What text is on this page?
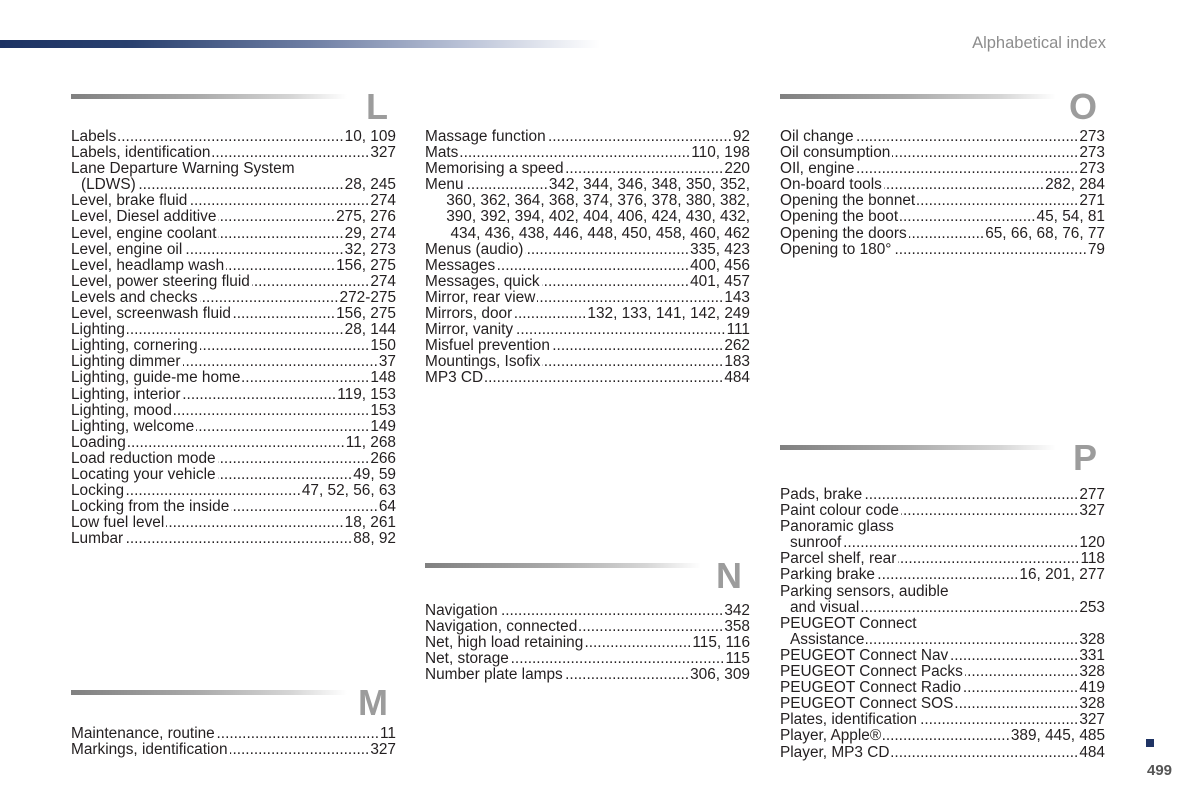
Alphabetical index
L
Labels .....	10, 109
Labels, identification .....	327
Lane Departure Warning System
(LDWS) .....	28, 245
Level, brake fluid .....	274
Level, Diesel additive .....	275, 276
Level, engine coolant .....	29, 274
Level, engine oil .....	32, 273
Level, headlamp wash .....	156, 275
Level, power steering fluid .....	274
Levels and checks .....	272-275
Level, screenwash fluid .....	156, 275
Lighting .....	28, 144
Lighting, cornering .....	150
Lighting dimmer .....	37
Lighting, guide-me home .....	148
Lighting, interior .....	119, 153
Lighting, mood .....	153
Lighting, welcome .....	149
Loading .....	11, 268
Load reduction mode .....	266
Locating your vehicle .....	49, 59
Locking .....	47, 52, 56, 63
Locking from the inside .....	64
Low fuel level .....	18, 261
Lumbar .....	88, 92
M
Maintenance, routine .....	11
Markings, identification .....	327
Massage function .....	92
Mats .....	110, 198
Memorising a speed .....	220
Menu .....	342, 344, 346, 348, 350, 352,
360, 362, 364, 368, 374, 376, 378, 380, 382,
390, 392, 394, 402, 404, 406, 424, 430, 432,
434, 436, 438, 446, 448, 450, 458, 460, 462
Menus (audio) .....	335, 423
Messages .....	400, 456
Messages, quick .....	401, 457
Mirror, rear view .....	143
Mirrors, door .....	132, 133, 141, 142, 249
Mirror, vanity .....	111
Misfuel prevention .....	262
Mountings, Isofix .....	183
MP3 CD .....	484
N
Navigation .....	342
Navigation, connected .....	358
Net, high load retaining .....	115, 116
Net, storage .....	115
Number plate lamps .....	306, 309
O
Oil change .....	273
Oil consumption .....	273
OIl, engine .....	273
On-board tools .....	282, 284
Opening the bonnet .....	271
Opening the boot .....	45, 54, 81
Opening the doors .....	65, 66, 68, 76, 77
Opening to 180° .....	79
P
Pads, brake .....	277
Paint colour code .....	327
Panoramic glass
sunroof .....	120
Parcel shelf, rear .....	118
Parking brake .....	16, 201, 277
Parking sensors, audible
and visual .....	253
PEUGEOT Connect
Assistance .....	328
PEUGEOT Connect Nav .....	331
PEUGEOT Connect Packs .....	328
PEUGEOT Connect Radio .....	419
PEUGEOT Connect SOS .....	328
Plates, identification .....	327
Player, Apple® .....	389, 445, 485
Player, MP3 CD .....	484
499
